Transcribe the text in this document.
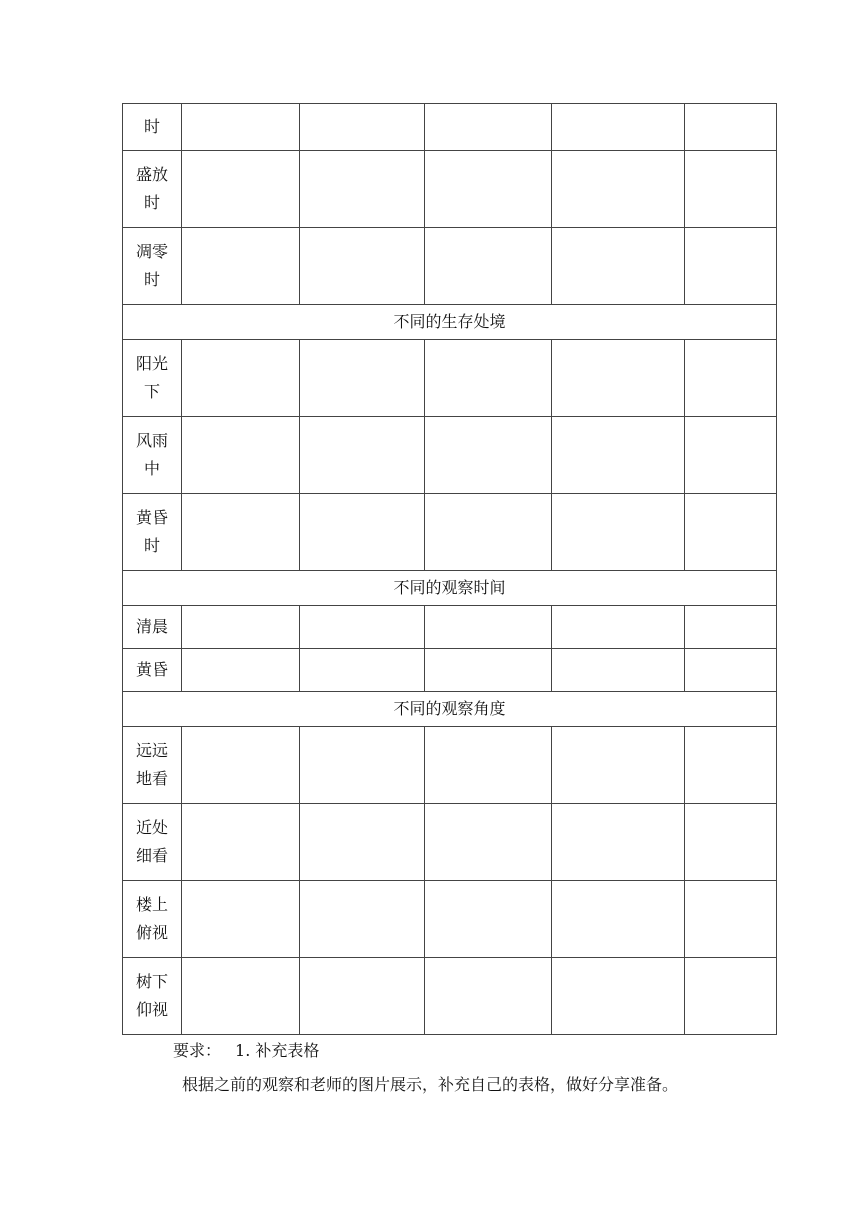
时					
盛放时					
凋零时					
不同的生存处境					
阳光下					
风雨中					
黄昏时					
不同的观察时间					
清晨					
黄昏					
不同的观察角度					
远远地看					
近处细看					
楼上俯视					
树下仰视					
要求： 1. 补充表格
根据之前的观察和老师的图片展示，补充自己的表格，做好分享准备。
